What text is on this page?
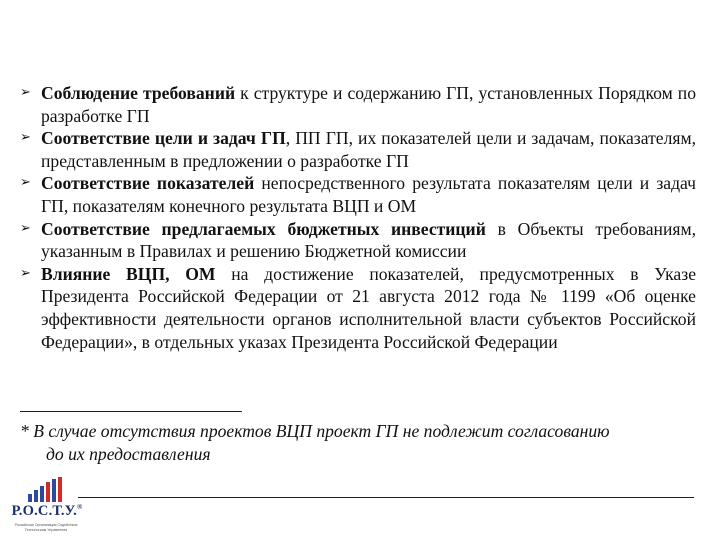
➢ Соблюдение требований к структуре и содержанию ГП, установленных Порядком по разработке ГП
➢ Соответствие цели и задач ГП, ПП ГП, их показателей цели и задачам, показателям, представленным в предложении о разработке ГП
➢ Соответствие показателей непосредственного результата показателям цели и задач ГП, показателям конечного результата ВЦП и ОМ
➢ Соответствие предлагаемых бюджетных инвестиций в Объекты требованиям, указанным в Правилах и решению Бюджетной комиссии
➢ Влияние ВЦП, ОМ на достижение показателей, предусмотренных в Указе Президента Российской Федерации от 21 августа 2012 года № 1199 «Об оценке эффективности деятельности органов исполнительной власти субъектов Российской Федерации», в отдельных указах Президента Российской Федерации
* В случае отсутствия проектов ВЦП проект ГП не подлежит согласованию
до их предоставления
Р.О.С.Т.У.®
Российская Организация Содействия
Технологиям Управления
